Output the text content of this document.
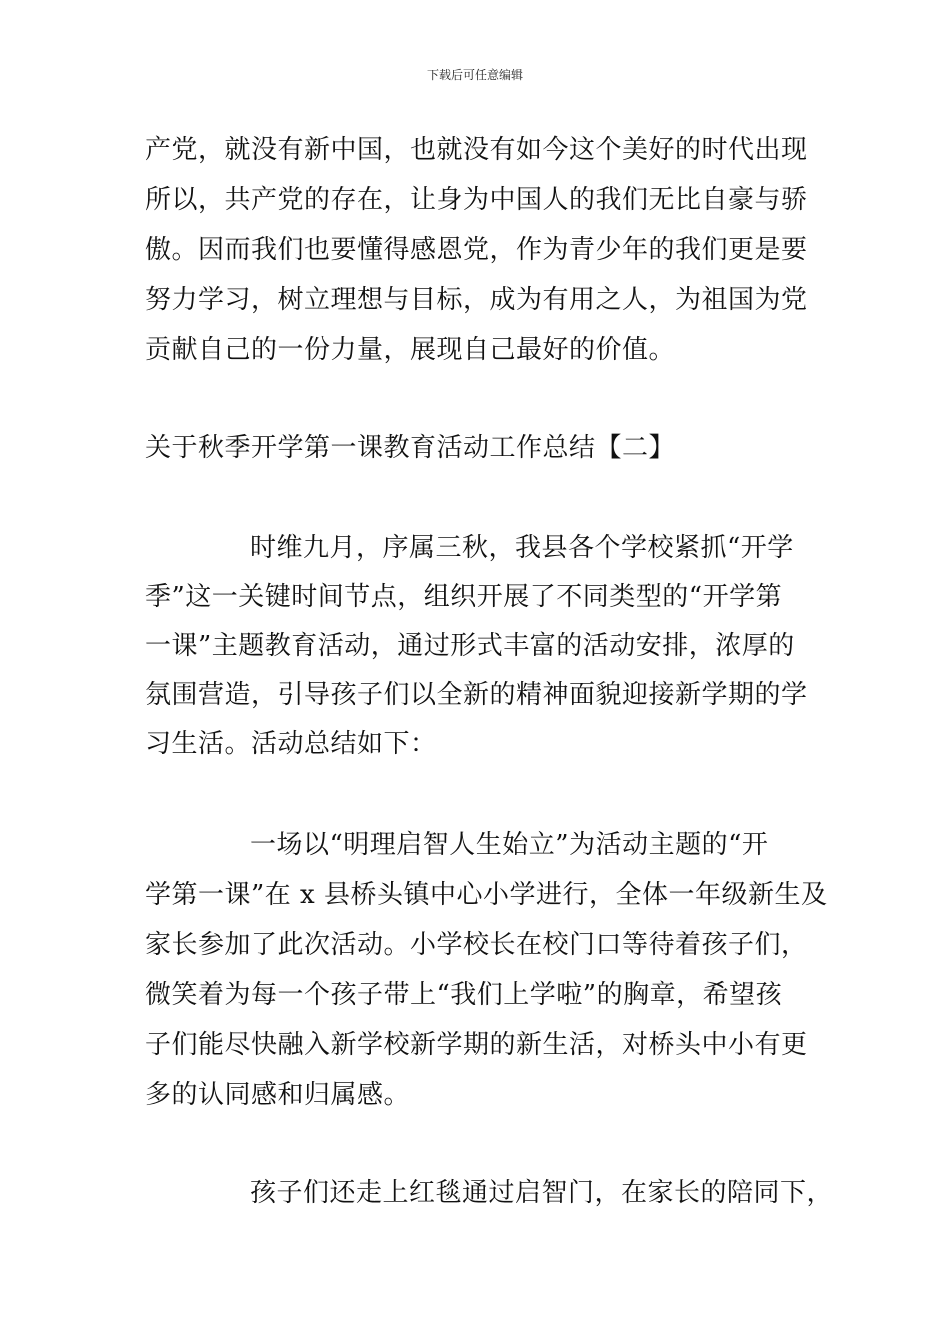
下载后可任意编辑
产党，就没有新中国，也就没有如今这个美好的时代出现
所以，共产党的存在，让身为中国人的我们无比自豪与骄
傲。因而我们也要懂得感恩党，作为青少年的我们更是要
努力学习，树立理想与目标，成为有用之人，为祖国为党
贡献自己的一份力量，展现自己最好的价值。
关于秋季开学第一课教育活动工作总结【二】
时维九月，序属三秋，我县各个学校紧抓“开学
季”这一关键时间节点，组织开展了不同类型的“开学第
一课”主题教育活动，通过形式丰富的活动安排，浓厚的
氛围营造，引导孩子们以全新的精神面貌迎接新学期的学
习生活。活动总结如下：
一场以“明理启智人生始立”为活动主题的“开
学第一课”在 x 县桥头镇中心小学进行，全体一年级新生及
家长参加了此次活动。小学校长在校门口等待着孩子们，
微笑着为每一个孩子带上“我们上学啦”的胸章，希望孩
子们能尽快融入新学校新学期的新生活，对桥头中小有更
多的认同感和归属感。
孩子们还走上红毯通过启智门，在家长的陪同下，
